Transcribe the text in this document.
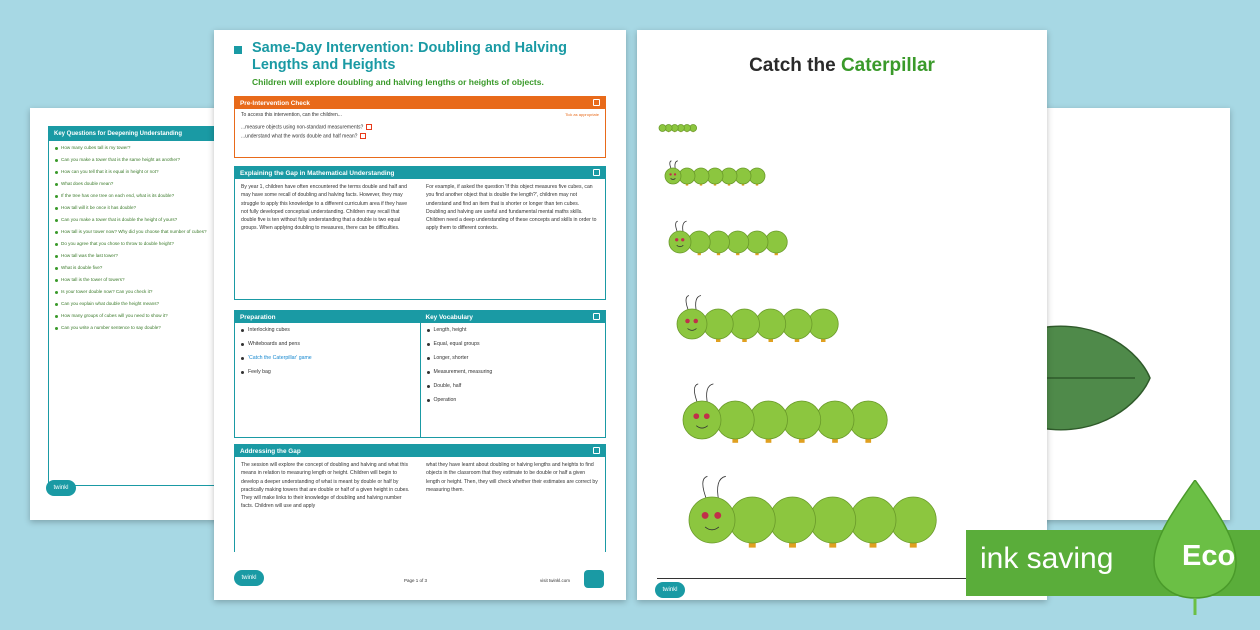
Key Questions for Deepening Understanding
How many cubes tall is my tower?
Can you make a tower that is the same height as another?
How can you tell that it is equal in height or not?
What does double mean?
If the tree has one tree on each end, what is its double?
How tall will it be once it has double?
Can you make a tower that is double the height of yours?
How tall is your tower now? Why did you choose that number of cubes?
Do you agree that you chose to throw to double height?
How tall was the last tower?
What is double five?
How tall is the tower of towers?
Is your tower double now? Can you check it?
Can you explain what double the height means?
How many groups of cubes will you need to show it?
Can you write a number sentence to say double?
twinkl
Same-Day Intervention: Doubling and Halving Lengths and Heights
Children will explore doubling and halving lengths or heights of objects.
Pre-Intervention Check
To access this intervention, can the children...	Tick as appropriate
...measure objects using non-standard measurements?
...understand what the words double and half mean?
Explaining the Gap in Mathematical Understanding
By year 1, children have often encountered the terms double and half and may have some recall of doubling and halving facts. However, they may struggle to apply this knowledge to a different curriculum area if they have not fully developed conceptual understanding. Children may recall that double five is ten without fully understanding that a double is two equal groups. When applying doubling to measures, there can be difficulties.
For example, if asked the question 'If this object measures five cubes, can you find another object that is double the length?', children may not understand and find an item that is shorter or longer than ten cubes. Doubling and halving are useful and fundamental mental maths skills. Children need a deep understanding of these concepts and skills in order to apply them to different contexts.
Preparation
Interlocking cubes
Whiteboards and pens
'Catch the Caterpillar' game
Feely bag
Key Vocabulary
Length, height
Equal, equal groups
Longer, shorter
Measurement, measuring
Double, half
Operation
Addressing the Gap
The session will explore the concept of doubling and halving and what this means in relation to measuring length or height. Children will begin to develop a deeper understanding of what is meant by double or half by practically making towers that are double or half of a given height in cubes. They will make links to their knowledge of doubling and halving number facts. Children will use and apply
what they have learnt about doubling or halving lengths and heights to find objects in the classroom that they estimate to be double or half a given length or height. Then, they will check whether their estimates are correct by measuring them.
twinkl	Page 1 of 3	visit twinkl.com
Catch the Caterpillar
twinkl
ink saving Eco
